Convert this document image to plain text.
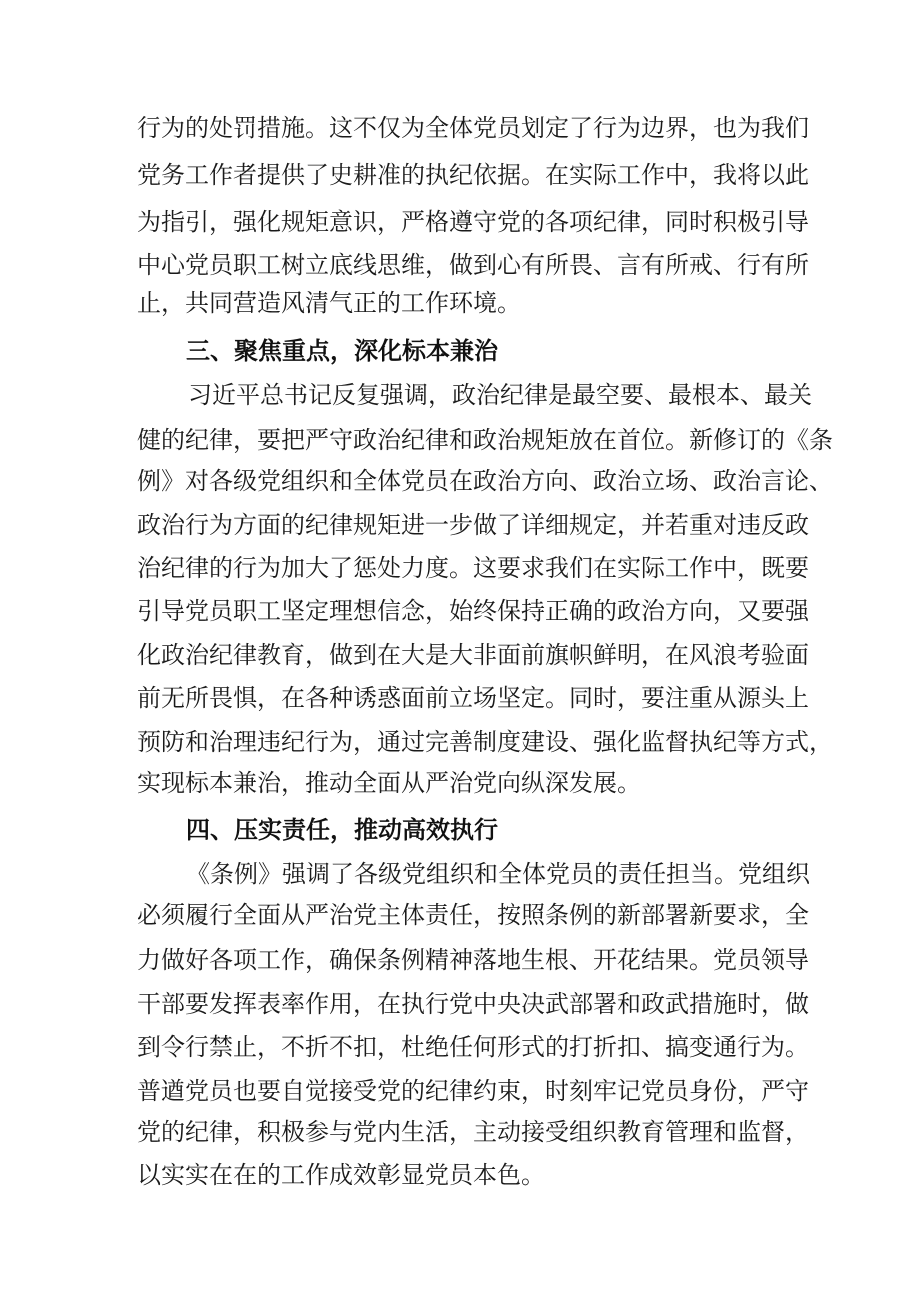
行为的处罚措施。这不仅为全体党员划定了行为边界，也为我们
党务工作者提供了史耕准的执纪依据。在实际工作中，我将以此
为指引，强化规矩意识，严格遵守党的各项纪律，同时积极引导
中心党员职工树立底线思维，做到心有所畏、言有所戒、行有所
止，共同营造风清气正的工作环境。
三、聚焦重点，深化标本兼治
习近平总书记反复强调，政治纪律是最空要、最根本、最关
健的纪律，要把严守政治纪律和政治规矩放在首位。新修订的《条
例》对各级党组织和全体党员在政治方向、政治立场、政治言论、
政治行为方面的纪律规矩进一步做了详细规定，并若重对违反政
治纪律的行为加大了惩处力度。这要求我们在实际工作中，既要
引导党员职工坚定理想信念，始终保持正确的政治方向，又要强
化政治纪律教育，做到在大是大非面前旗帜鲜明，在风浪考验面
前无所畏惧，在各种诱惑面前立场坚定。同时，要注重从源头上
预防和治理违纪行为，通过完善制度建设、强化监督执纪等方式，
实现标本兼治，推动全面从严治党向纵深发展。
四、压实责任，推动高效执行
《条例》强调了各级党组织和全体党员的责任担当。党组织
必须履行全面从严治党主体责任，按照条例的新部署新要求，全
力做好各项工作，确保条例精神落地生根、开花结果。党员领导
干部要发挥表率作用，在执行党中央决武部署和政武措施时，做
到令行禁止，不折不扣，杜绝任何形式的打折扣、搞变通行为。
普遒党员也要自觉接受党的纪律约束，时刻牢记党员身份，严守
党的纪律，积极参与党内生活，主动接受组织教育管理和监督，
以实实在在的工作成效彰显党员本色。
